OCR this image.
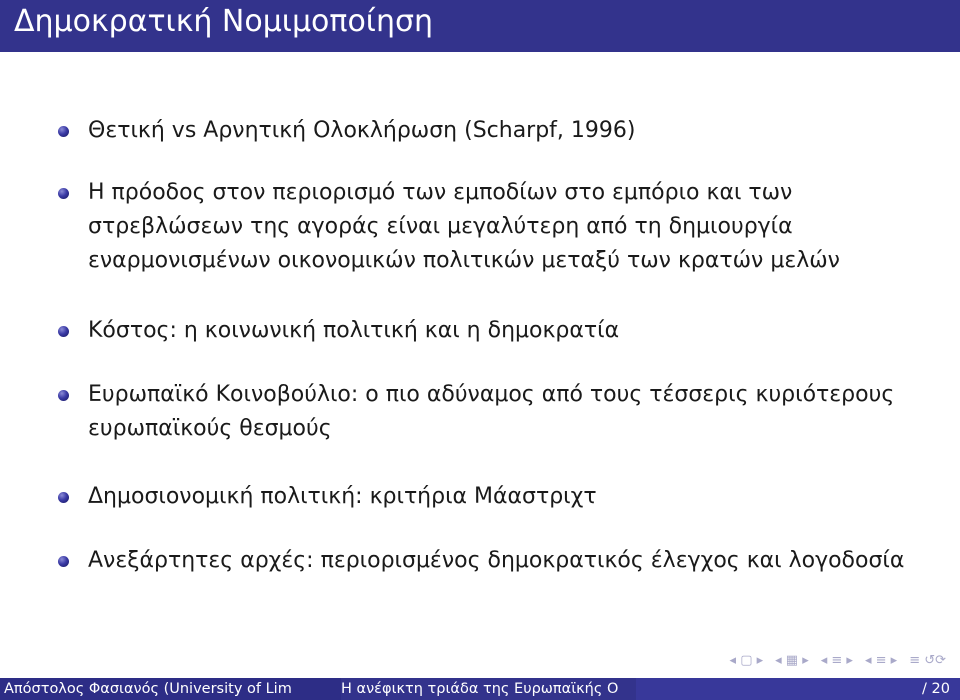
Δημοκρατική Νομιμοποίηση
Θετική vs Αρνητική Ολοκλήρωση (Scharpf, 1996)
Η πρόοδος στον περιορισμό των εμποδίων στο εμπόριο και των στρεβλώσεων της αγοράς είναι μεγαλύτερη από τη δημιουργία εναρμονισμένων οικονομικών πολιτικών μεταξύ των κρατών μελών
Κόστος: η κοινωνική πολιτική και η δημοκρατία
Ευρωπαϊκό Κοινοβούλιο: ο πιο αδύναμος από τους τέσσερις κυριότερους ευρωπαϊκούς θεσμούς
Δημοσιονομική πολιτική: κριτήρια Μάαστριχτ
Ανεξάρτητες αρχές: περιορισμένος δημοκρατικός έλεγχος και λογοδοσία
◂ ▢ ▸ ◂ ▦ ▸ ◂ ≡ ▸ ◂ ≡ ▸ ≡ ↺⟳
Απόστολος Φασιανός (University of Lim	H ανέφικτη τριάδα της Ευρωπαϊκής Ο	/ 20
